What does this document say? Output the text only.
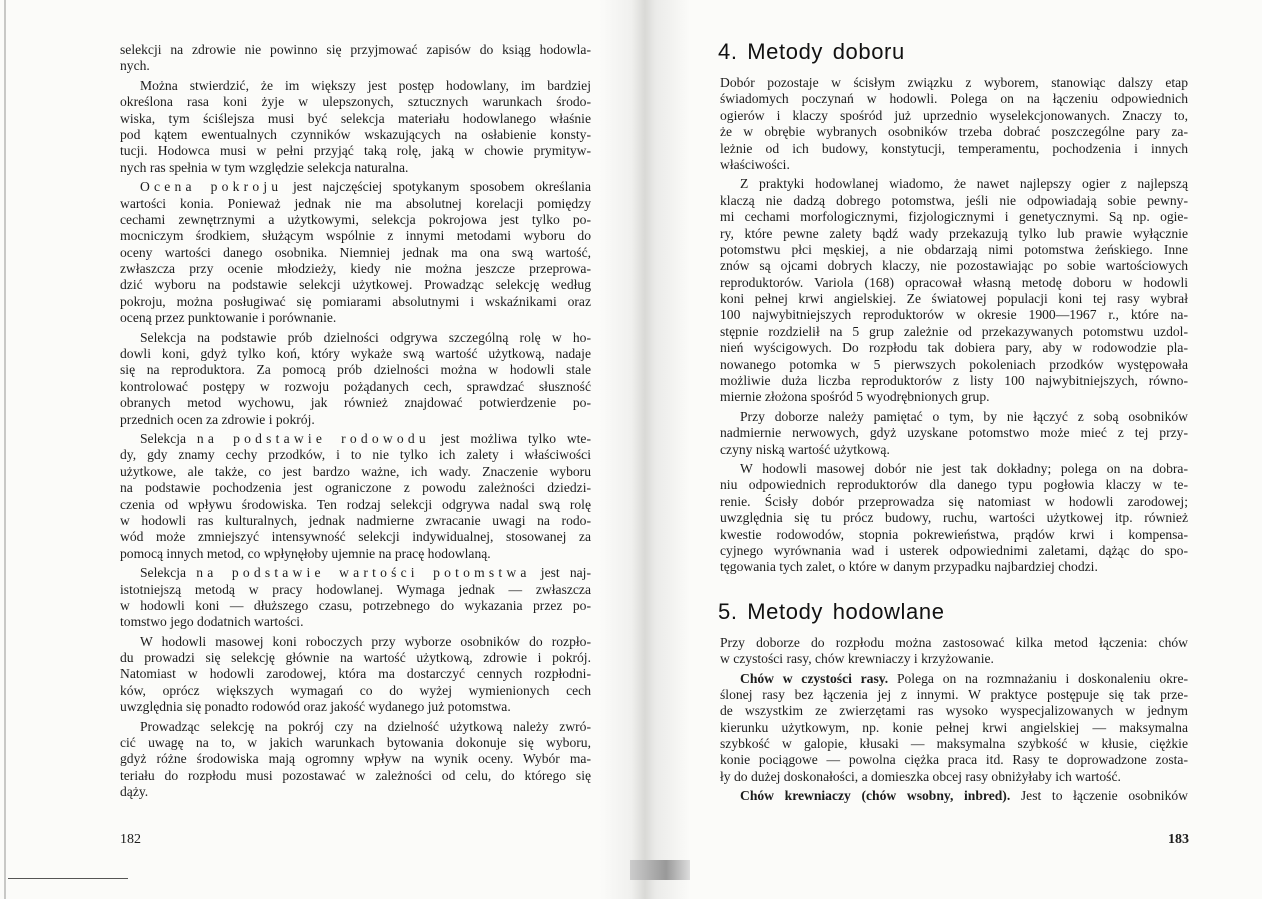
selekcji na zdrowie nie powinno się przyjmować zapisów do ksiąg hodowla-
nych.
Można stwierdzić, że im większy jest postęp hodowlany, im bardziej
określona rasa koni żyje w ulepszonych, sztucznych warunkach środo-
wiska, tym ściślejsza musi być selekcja materiału hodowlanego właśnie
pod kątem ewentualnych czynników wskazujących na osłabienie konsty-
tucji. Hodowca musi w pełni przyjąć taką rolę, jaką w chowie prymityw-
nych ras spełnia w tym względzie selekcja naturalna.
Ocena pokroju jest najczęściej spotykanym sposobem określania
wartości konia. Ponieważ jednak nie ma absolutnej korelacji pomiędzy
cechami zewnętrznymi a użytkowymi, selekcja pokrojowa jest tylko po-
mocniczym środkiem, służącym wspólnie z innymi metodami wyboru do
oceny wartości danego osobnika. Niemniej jednak ma ona swą wartość,
zwłaszcza przy ocenie młodzieży, kiedy nie można jeszcze przeprowa-
dzić wyboru na podstawie selekcji użytkowej. Prowadząc selekcję według
pokroju, można posługiwać się pomiarami absolutnymi i wskaźnikami oraz
oceną przez punktowanie i porównanie.
Selekcja na podstawie prób dzielności odgrywa szczególną rolę w ho-
dowli koni, gdyż tylko koń, który wykaże swą wartość użytkową, nadaje
się na reproduktora. Za pomocą prób dzielności można w hodowli stale
kontrolować postępy w rozwoju pożądanych cech, sprawdzać słuszność
obranych metod wychowu, jak również znajdować potwierdzenie po-
przednich ocen za zdrowie i pokrój.
Selekcja na podstawie rodowodu jest możliwa tylko wte-
dy, gdy znamy cechy przodków, i to nie tylko ich zalety i właściwości
użytkowe, ale także, co jest bardzo ważne, ich wady. Znaczenie wyboru
na podstawie pochodzenia jest ograniczone z powodu zależności dziedzi-
czenia od wpływu środowiska. Ten rodzaj selekcji odgrywa nadal swą rolę
w hodowli ras kulturalnych, jednak nadmierne zwracanie uwagi na rodo-
wód może zmniejszyć intensywność selekcji indywidualnej, stosowanej za
pomocą innych metod, co wpłynęłoby ujemnie na pracę hodowlaną.
Selekcja na podstawie wartości potomstwa jest naj-
istotniejszą metodą w pracy hodowlanej. Wymaga jednak — zwłaszcza
w hodowli koni — dłuższego czasu, potrzebnego do wykazania przez po-
tomstwo jego dodatnich wartości.
W hodowli masowej koni roboczych przy wyborze osobników do rozpło-
du prowadzi się selekcję głównie na wartość użytkową, zdrowie i pokrój.
Natomiast w hodowli zarodowej, która ma dostarczyć cennych rozpłodni-
ków, oprócz większych wymagań co do wyżej wymienionych cech
uwzględnia się ponadto rodowód oraz jakość wydanego już potomstwa.
Prowadząc selekcję na pokrój czy na dzielność użytkową należy zwró-
cić uwagę na to, w jakich warunkach bytowania dokonuje się wyboru,
gdyż różne środowiska mają ogromny wpływ na wynik oceny. Wybór ma-
teriału do rozpłodu musi pozostawać w zależności od celu, do którego się
dąży.
4. Metody doboru
Dobór pozostaje w ścisłym związku z wyborem, stanowiąc dalszy etap
świadomych poczynań w hodowli. Polega on na łączeniu odpowiednich
ogierów i klaczy spośród już uprzednio wyselekcjonowanych. Znaczy to,
że w obrębie wybranych osobników trzeba dobrać poszczególne pary za-
leżnie od ich budowy, konstytucji, temperamentu, pochodzenia i innych
właściwości.
Z praktyki hodowlanej wiadomo, że nawet najlepszy ogier z najlepszą
klaczą nie dadzą dobrego potomstwa, jeśli nie odpowiadają sobie pewny-
mi cechami morfologicznymi, fizjologicznymi i genetycznymi. Są np. ogie-
ry, które pewne zalety bądź wady przekazują tylko lub prawie wyłącznie
potomstwu płci męskiej, a nie obdarzają nimi potomstwa żeńskiego. Inne
znów są ojcami dobrych klaczy, nie pozostawiając po sobie wartościowych
reproduktorów. Variola (168) opracował własną metodę doboru w hodowli
koni pełnej krwi angielskiej. Ze światowej populacji koni tej rasy wybrał
100 najwybitniejszych reproduktorów w okresie 1900—1967 r., które na-
stępnie rozdzielił na 5 grup zależnie od przekazywanych potomstwu uzdol-
nień wyścigowych. Do rozpłodu tak dobiera pary, aby w rodowodzie pla-
nowanego potomka w 5 pierwszych pokoleniach przodków występowała
możliwie duża liczba reproduktorów z listy 100 najwybitniejszych, równo-
miernie złożona spośród 5 wyodrębnionych grup.
Przy doborze należy pamiętać o tym, by nie łączyć z sobą osobników
nadmiernie nerwowych, gdyż uzyskane potomstwo może mieć z tej przy-
czyny niską wartość użytkową.
W hodowli masowej dobór nie jest tak dokładny; polega on na dobra-
niu odpowiednich reproduktorów dla danego typu pogłowia klaczy w te-
renie. Ścisły dobór przeprowadza się natomiast w hodowli zarodowej;
uwzględnia się tu prócz budowy, ruchu, wartości użytkowej itp. również
kwestie rodowodów, stopnia pokrewieństwa, prądów krwi i kompensa-
cyjnego wyrównania wad i usterek odpowiednimi zaletami, dążąc do spo-
tęgowania tych zalet, o które w danym przypadku najbardziej chodzi.
5. Metody hodowlane
Przy doborze do rozpłodu można zastosować kilka metod łączenia: chów
w czystości rasy, chów krewniaczy i krzyżowanie.
Chów w czystości rasy. Polega on na rozmnażaniu i doskonaleniu okre-
ślonej rasy bez łączenia jej z innymi. W praktyce postępuje się tak prze-
de wszystkim ze zwierzętami ras wysoko wyspecjalizowanych w jednym
kierunku użytkowym, np. konie pełnej krwi angielskiej — maksymalna
szybkość w galopie, kłusaki — maksymalna szybkość w kłusie, ciężkie
konie pociągowe — powolna ciężka praca itd. Rasy te doprowadzone zosta-
ły do dużej doskonałości, a domieszka obcej rasy obniżyłaby ich wartość.
Chów krewniaczy (chów wsobny, inbred). Jest to łączenie osobników
182	183
